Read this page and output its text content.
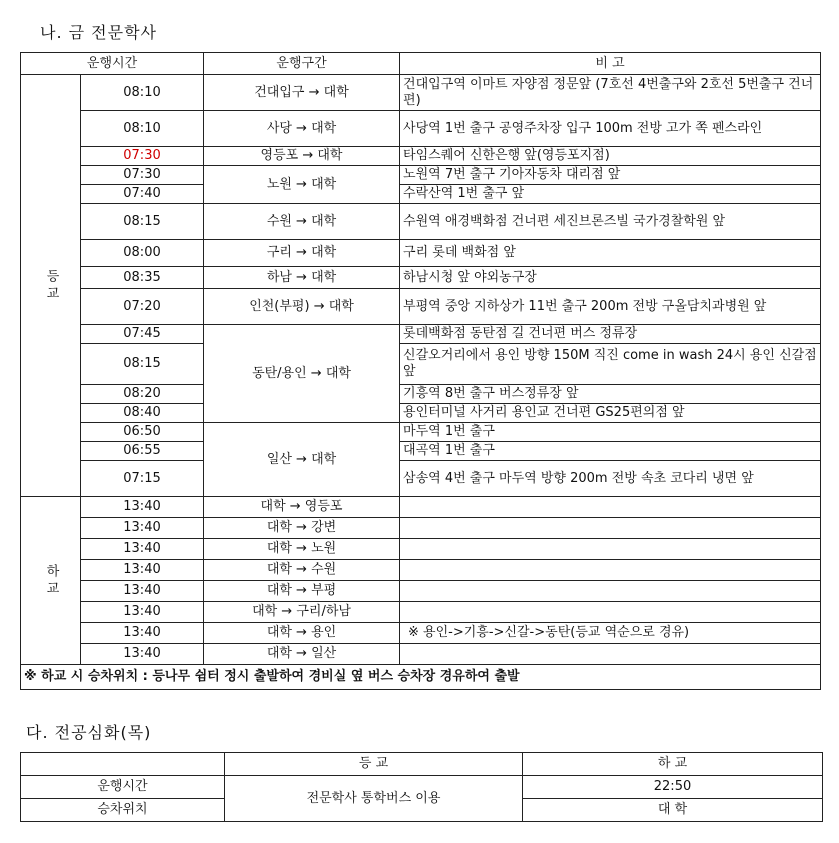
나. 금 전문학사
운행시간		운행구간	비 고
등교	08:10	건대입구 → 대학	건대입구역 이마트 자양점 정문앞 (7호선 4번출구와 2호선 5번출구 건너편)
	08:10	사당 → 대학	사당역 1번 출구 공영주차장 입구 100m 전방 고가 쪽 펜스라인
	07:30	영등포 → 대학	타임스퀘어 신한은행 앞(영등포지점)
	07:30	노원 → 대학	노원역 7번 출구 기아자동차 대리점 앞
	07:40		수락산역 1번 출구 앞
	08:15	수원 → 대학	수원역 애경백화점 건너편 세진브론즈빌 국가경찰학원 앞
	08:00	구리 → 대학	구리 롯데 백화점 앞
	08:35	하남 → 대학	하남시청 앞 야외농구장
	07:20	인천(부평) → 대학	부평역 중앙 지하상가 11번 출구 200m 전방 구올담치과병원 앞
	07:45	동탄/용인 → 대학	롯데백화점 동탄점 길 건너편 버스 정류장
	08:15		신갈오거리에서 용인 방향 150M 직진 come in wash 24시 용인 신갈점 앞
	08:20		기흥역 8번 출구 버스정류장 앞
	08:40		용인터미널 사거리 용인교 건너편 GS25편의점 앞
	06:50	일산 → 대학	마두역 1번 출구
	06:55		대곡역 1번 출구
	07:15		삼송역 4번 출구 마두역 방향 200m 전방 속초 코다리 냉면 앞
하교	13:40	대학 → 영등포	
	13:40	대학 → 강변	
	13:40	대학 → 노원	
	13:40	대학 → 수원	
	13:40	대학 → 부평	
	13:40	대학 → 구리/하남	
	13:40	대학 → 용인	※ 용인->기흥->신갈->동탄(등교 역순으로 경유)
	13:40	대학 → 일산	
※ 하교 시 승차위치 : 등나무 쉼터 정시 출발하여 경비실 옆 버스 승차장 경유하여 출발			
다. 전공심화(목)
	등 교	하 교
운행시간	전문학사 통학버스 이용	22:50
승차위치		대 학
